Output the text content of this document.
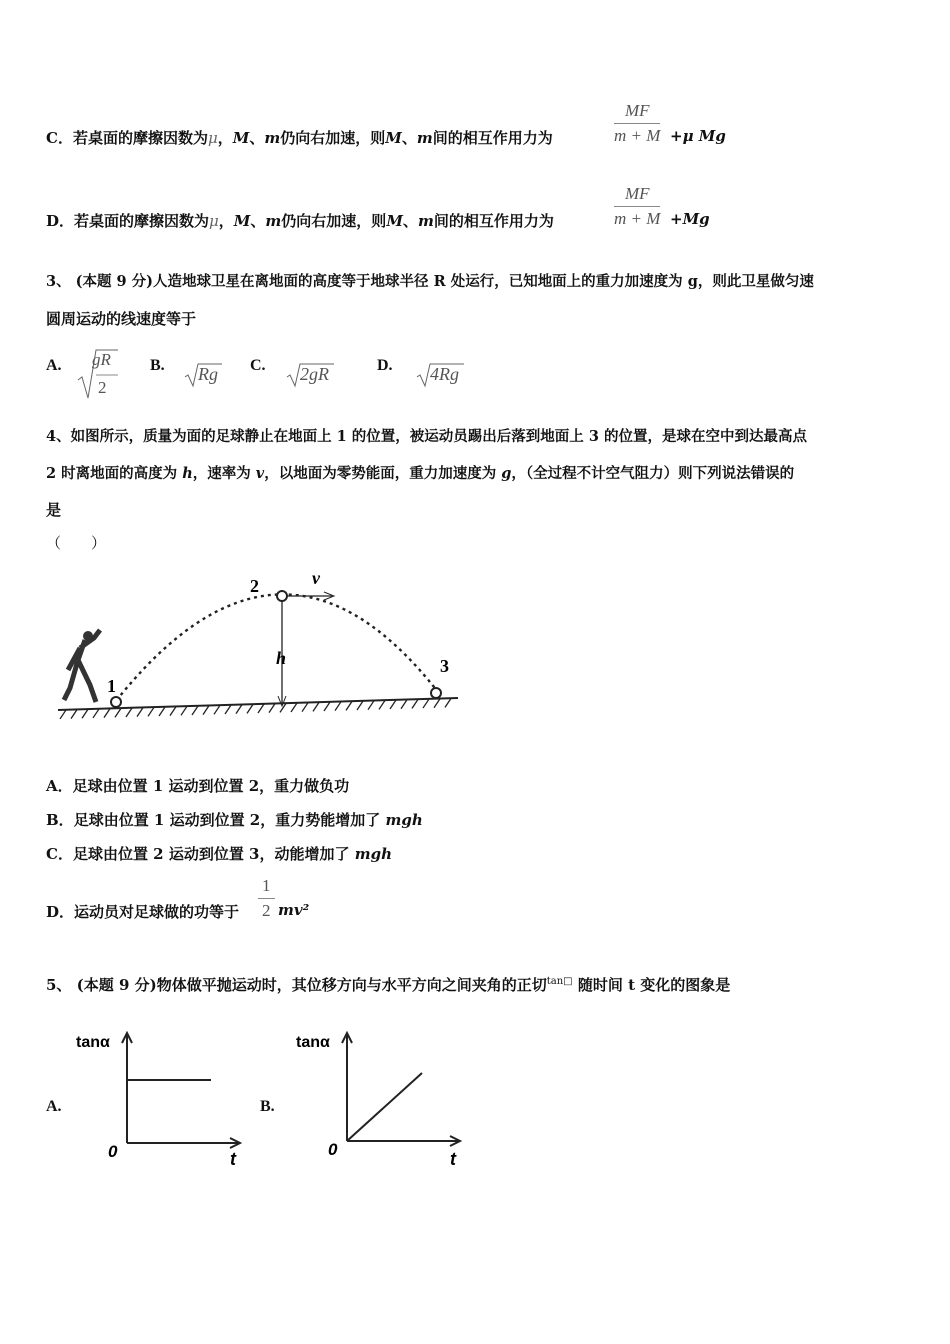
C．若桌面的摩擦因数为μ，M、m仍向右加速，则M、m间的相互作用力为	$\frac{MF}{m + M} +\mu$ Mg
D．若桌面的摩擦因数为μ，M、m仍向右加速，则M、m间的相互作用力为	$\frac{MF}{m + M} +Mg$
3、 (本题 9 分)人造地球卫星在离地面的高度等于地球半径 R 处运行，已知地面上的重力加速度为 g，则此卫星做匀速
圆周运动的线速度等于
A. gR
2
B. Rg C. 2gR	D. 4Rg
4、如图所示，质量为面的足球静止在地面上 1 的位置，被运动员踢出后落到地面上 3 的位置，是球在空中到达最高点
2 时离地面的高度为 h，速率为 v，以地面为零势能面，重力加速度为 g，（全过程不计空气阻力）则下列说法错误的
是
（　　）
1
2
3
h
v
A．足球由位置 1 运动到位置 2，重力做负功
B．足球由位置 1 运动到位置 2，重力势能增加了 mgh
C．足球由位置 2 运动到位置 3，动能增加了 mgh
D．运动员对足球做的功等于 $\frac{1}{2} mv^2$
5、 (本题 9 分)物体做平抛运动时，其位移方向与水平方向之间夹角的正切$^{tan□}$ 随时间 t 变化的图象是
A.
tanα
t
0
B.
tanα
t
0
